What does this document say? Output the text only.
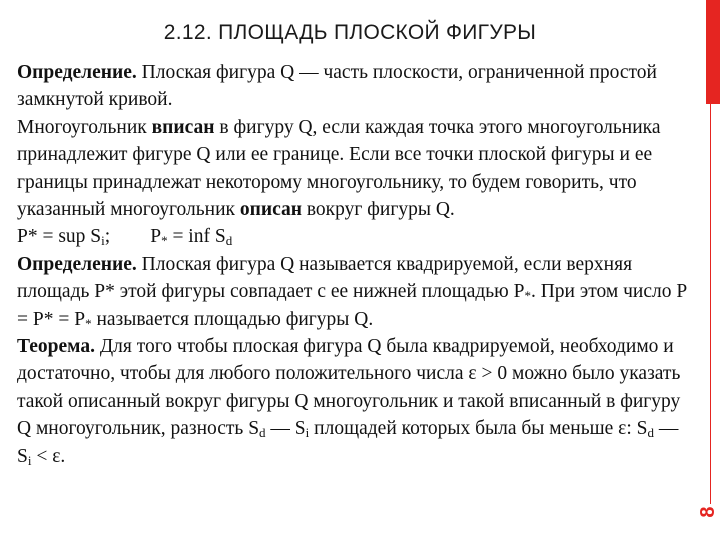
2.12. ПЛОЩАДЬ ПЛОСКОЙ ФИГУРЫ

Определение. Плоская фигура Q — часть плоскости, ограниченной простой замкнутой кривой.

Многоугольник вписан в фигуру Q, если каждая точка этого многоугольника принадлежит фигуре Q или ее границе. Если все точки плоской фигуры и ее границы принадлежат некоторому многоугольнику, то будем говорить, что указанный многоугольник описан вокруг фигуры Q.

P* = sup $S_i$; $P_*$ = inf $S_d$

Определение. Плоская фигура Q называется квадрируемой, если верхняя площадь P* этой фигуры совпадает с ее нижней площадью $P_*$. При этом число $P = P* = P_*$ называется площадью фигуры Q.

Теорема. Для того чтобы плоская фигура Q была квадрируемой, необходимо и достаточно, чтобы для любого положительного числа ε > 0 можно было указать такой описанный вокруг фигуры Q многоугольник и такой вписанный в фигуру Q многоугольник, разность $S_d$ — $S_i$ площадей которых была бы меньше ε: $S_d$ — $S_i < \varepsilon$.

8
